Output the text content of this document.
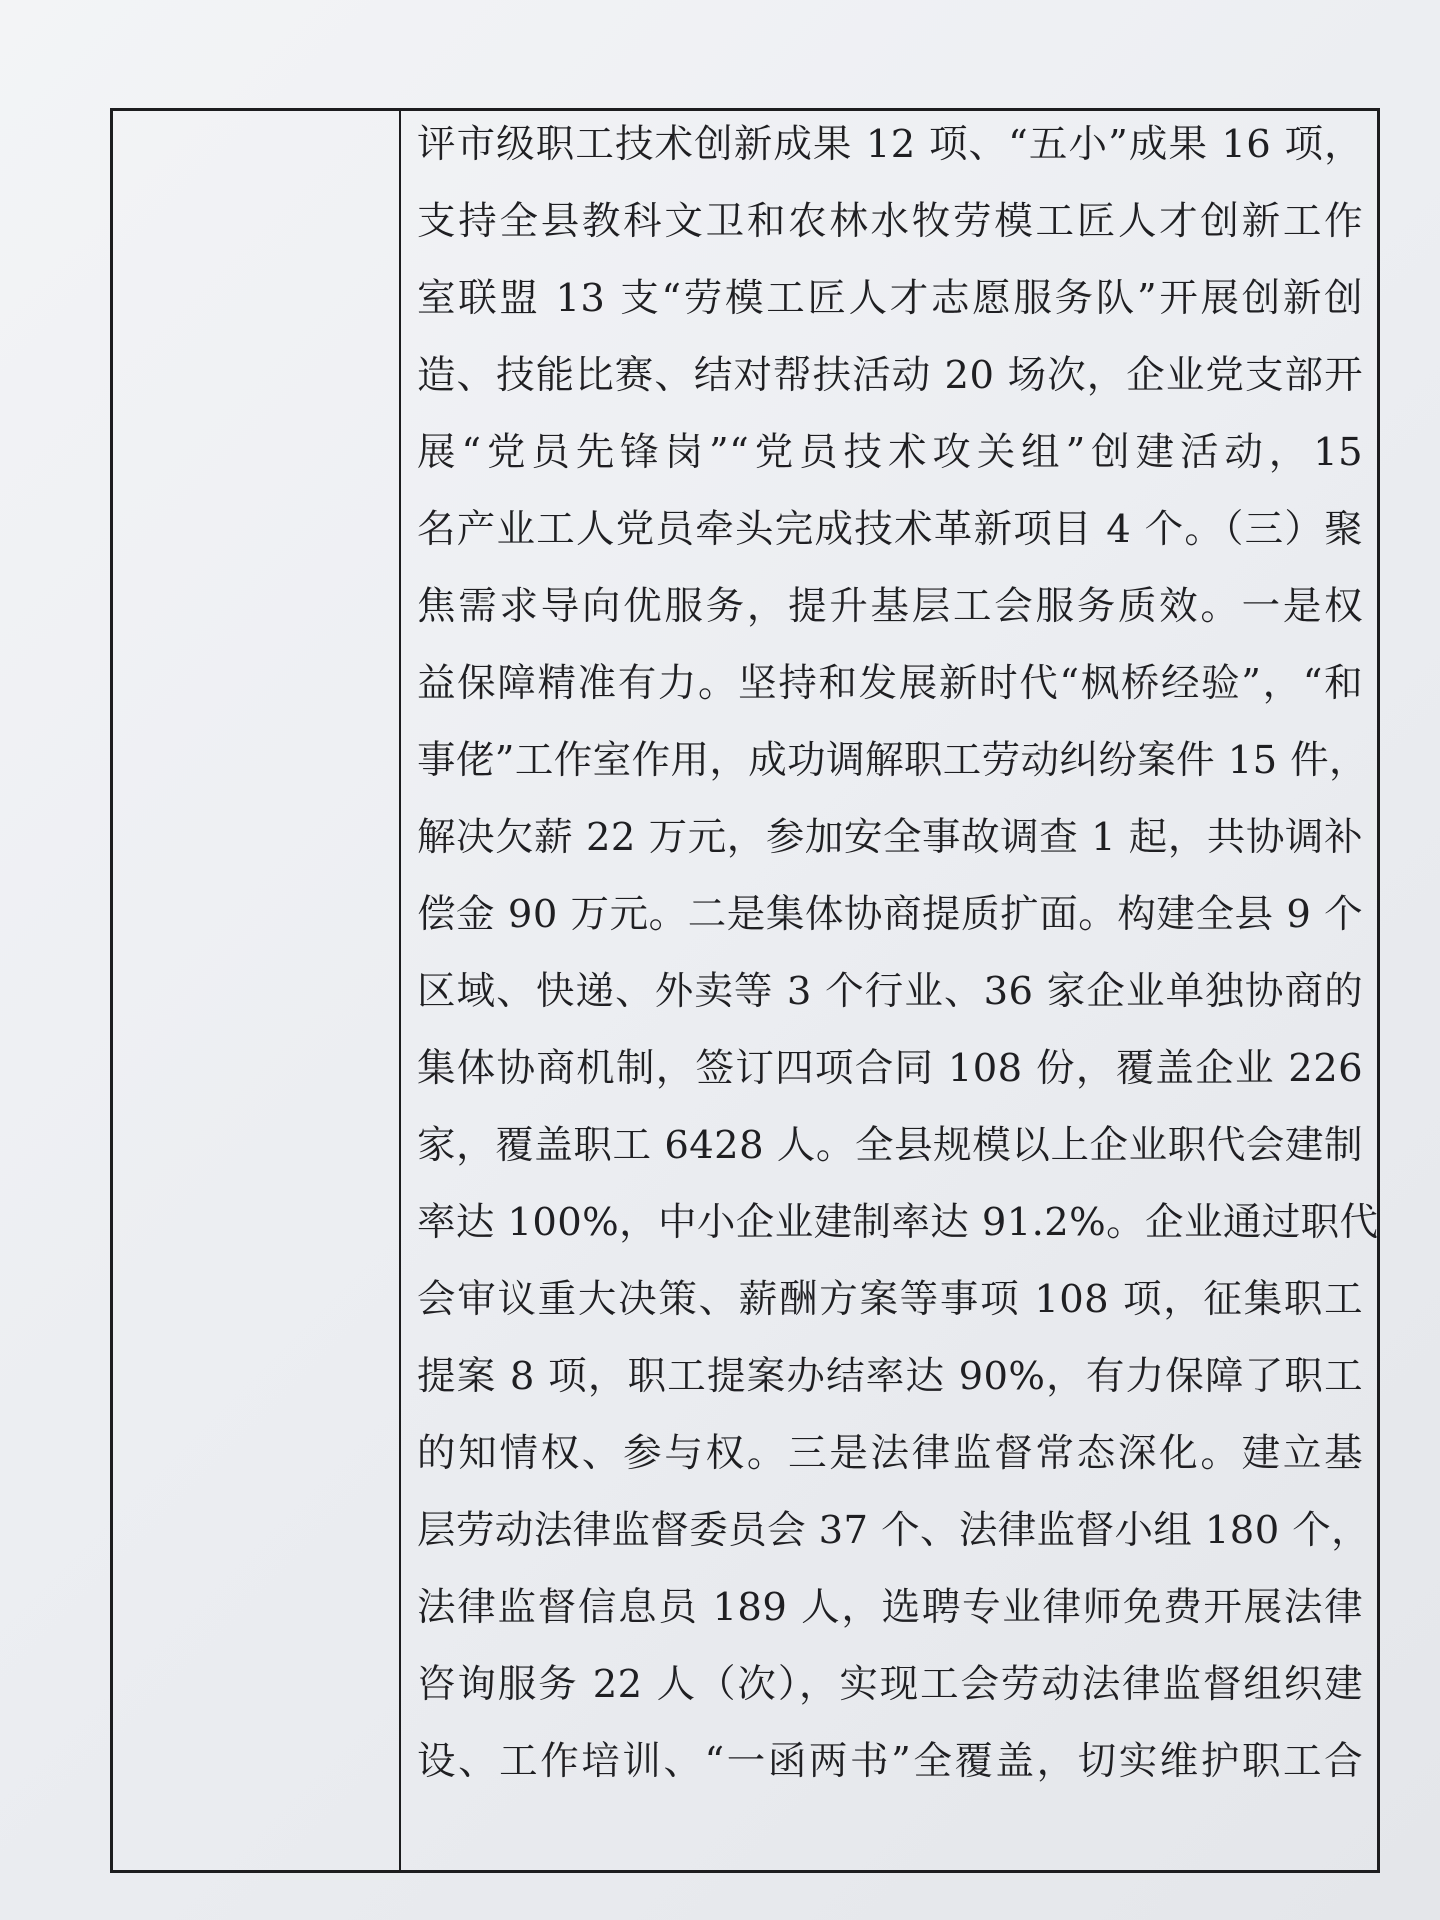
评市级职工技术创新成果 12 项、“五小”成果 16 项，
支持全县教科文卫和农林水牧劳模工匠人才创新工作
室联盟 13 支“劳模工匠人才志愿服务队”开展创新创
造、技能比赛、结对帮扶活动 20 场次，企业党支部开
展“党员先锋岗”“党员技术攻关组”创建活动，15
名产业工人党员牵头完成技术革新项目 4 个。（三）聚
焦需求导向优服务，提升基层工会服务质效。一是权
益保障精准有力。坚持和发展新时代“枫桥经验”，“和
事佬”工作室作用，成功调解职工劳动纠纷案件 15 件，
解决欠薪 22 万元，参加安全事故调查 1 起，共协调补
偿金 90 万元。二是集体协商提质扩面。构建全县 9 个
区域、快递、外卖等 3 个行业、36 家企业单独协商的
集体协商机制，签订四项合同 108 份，覆盖企业 226
家，覆盖职工 6428 人。全县规模以上企业职代会建制
率达 100%，中小企业建制率达 91.2%。企业通过职代
会审议重大决策、薪酬方案等事项 108 项，征集职工
提案 8 项，职工提案办结率达 90%，有力保障了职工
的知情权、参与权。三是法律监督常态深化。建立基
层劳动法律监督委员会 37 个、法律监督小组 180 个，
法律监督信息员 189 人，选聘专业律师免费开展法律
咨询服务 22 人（次），实现工会劳动法律监督组织建
设、工作培训、“一函两书”全覆盖，切实维护职工合
